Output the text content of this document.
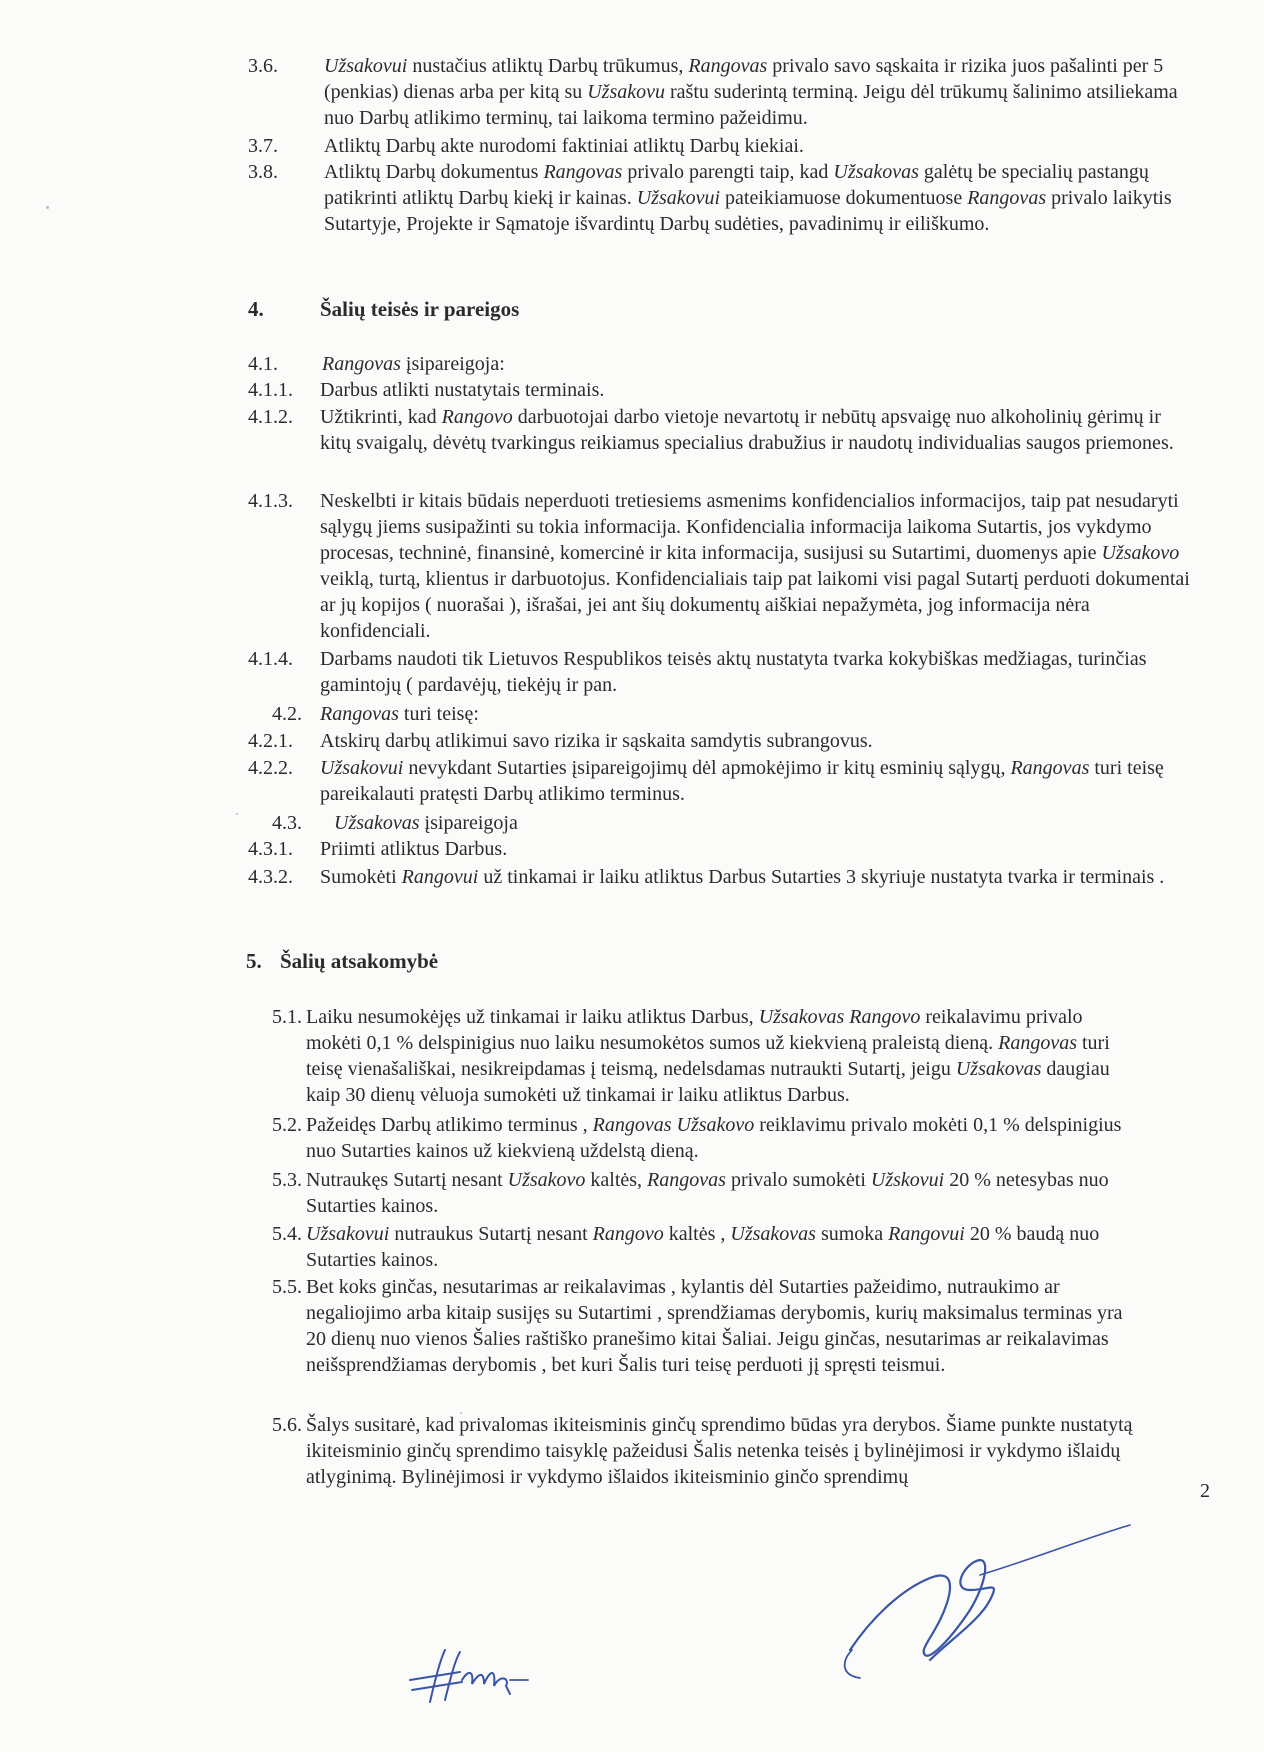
3.6. Užsakovui nustačius atliktų Darbų trūkumus, Rangovas privalo savo sąskaita ir rizika juos pašalinti per 5 (penkias) dienas arba per kitą su Užsakovu raštu suderintą terminą. Jeigu dėl trūkumų šalinimo atsiliekama nuo Darbų atlikimo terminų, tai laikoma termino pažeidimu.
3.7. Atliktų Darbų akte nurodomi faktiniai atliktų Darbų kiekiai.
3.8. Atliktų Darbų dokumentus Rangovas privalo parengti taip, kad Užsakovas galėtų be specialių pastangų patikrinti atliktų Darbų kiekį ir kainas. Užsakovui pateikiamuose dokumentuose Rangovas privalo laikytis Sutartyje, Projekte ir Sąmatoje išvardintų Darbų sudėties, pavadinimų ir eiliškumo.
4.	Šalių teisės ir pareigos
4.1. Rangovas įsipareigoja:
4.1.1. Darbus atlikti nustatytais terminais.
4.1.2. Užtikrinti, kad Rangovo darbuotojai darbo vietoje nevartotų ir nebūtų apsvaigę nuo alkoholinių gėrimų ir kitų svaigalų, dėvėtų tvarkingus reikiamus specialius drabužius ir naudotų individualias saugos priemones.
4.1.3. Neskelbti ir kitais būdais neperduoti tretiesiems asmenims konfidencialios informacijos, taip pat nesudaryti sąlygų jiems susipažinti su tokia informacija. Konfidencialia informacija laikoma Sutartis, jos vykdymo procesas, techninė, finansinė, komercinė ir kita informacija, susijusi su Sutartimi, duomenys apie Užsakovo veiklą, turtą, klientus ir darbuotojus. Konfidencialiais taip pat laikomi visi pagal Sutartį perduoti dokumentai ar jų kopijos ( nuorašai ), išrašai, jei ant šių dokumentų aiškiai nepažymėta, jog informacija nėra konfidenciali.
4.1.4. Darbams naudoti tik Lietuvos Respublikos teisės aktų nustatyta tvarka kokybiškas medžiagas, turinčias gamintojų ( pardavėjų, tiekėjų ir pan.
4.2. Rangovas turi teisę:
4.2.1. Atskirų darbų atlikimui savo rizika ir sąskaita samdytis subrangovus.
4.2.2. Užsakovui nevykdant Sutarties įsipareigojimų dėl apmokėjimo ir kitų esminių sąlygų, Rangovas turi teisę pareikalauti pratęsti Darbų atlikimo terminus.
4.3. Užsakovas įsipareigoja
4.3.1. Priimti atliktus Darbus.
4.3.2. Sumokėti Rangovui už tinkamai ir laiku atliktus Darbus Sutarties 3 skyriuje nustatyta tvarka ir terminais .
5. Šalių atsakomybė
5.1. Laiku nesumokėjęs už tinkamai ir laiku atliktus Darbus, Užsakovas Rangovo reikalavimu privalo mokėti 0,1 % delspinigius nuo laiku nesumokėtos sumos už kiekvieną praleistą dieną. Rangovas turi teisę vienašališkai, nesikreipdamas į teismą, nedelsdamas nutraukti Sutartį, jeigu Užsakovas daugiau kaip 30 dienų vėluoja sumokėti už tinkamai ir laiku atliktus Darbus.
5.2. Pažeidęs Darbų atlikimo terminus , Rangovas Užsakovo reiklavimu privalo mokėti 0,1 % delspinigius nuo Sutarties kainos už kiekvieną uždelstą dieną.
5.3. Nutraukęs Sutartį nesant Užsakovo kaltės, Rangovas privalo sumokėti Užskovui 20 % netesybas nuo Sutarties kainos.
5.4. Užsakovui nutraukus Sutartį nesant Rangovo kaltės , Užsakovas sumoka Rangovui 20 % baudą nuo Sutarties kainos.
5.5. Bet koks ginčas, nesutarimas ar reikalavimas , kylantis dėl Sutarties pažeidimo, nutraukimo ar negaliojimo arba kitaip susijęs su Sutartimi , sprendžiamas derybomis, kurių maksimalus terminas yra 20 dienų nuo vienos Šalies raštiško pranešimo kitai Šaliai. Jeigu ginčas, nesutarimas ar reikalavimas neišsprendžiamas derybomis , bet kuri Šalis turi teisę perduoti jį spręsti teismui.
5.6. Šalys susitarė, kad privalomas ikiteisminis ginčų sprendimo būdas yra derybos. Šiame punkte nustatytą ikiteisminio ginčų sprendimo taisyklę pažeidusi Šalis netenka teisės į bylinėjimosi ir vykdymo išlaidų atlyginimą. Bylinėjimosi ir vykdymo išlaidos ikiteisminio ginčo sprendimų
2
